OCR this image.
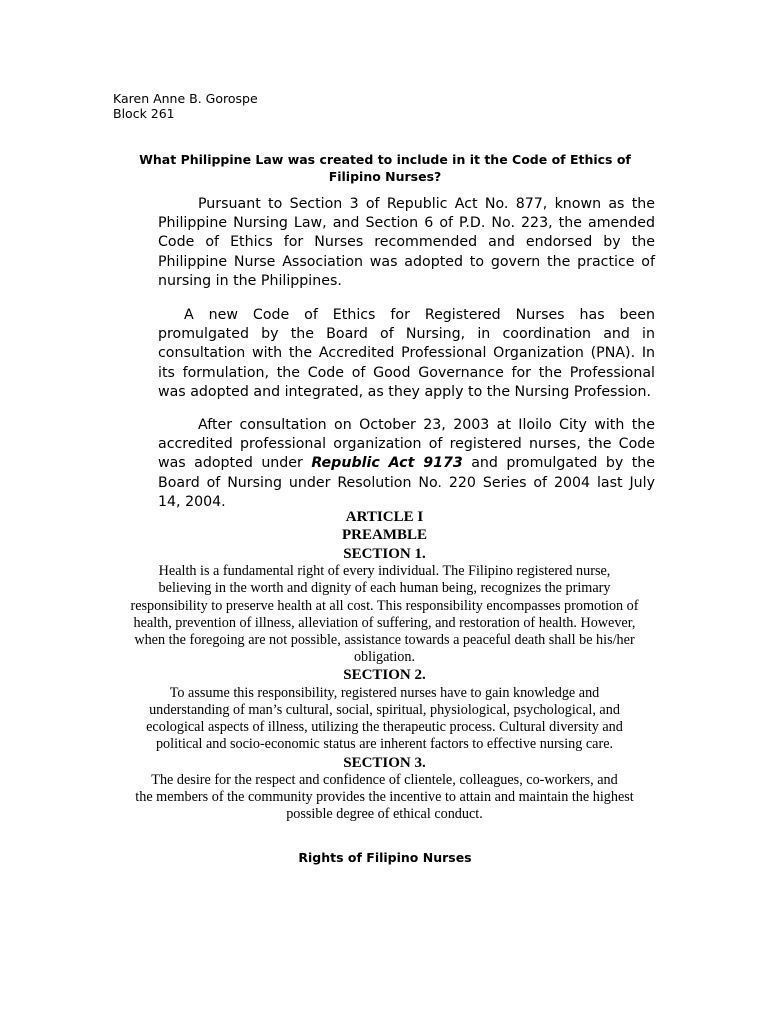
Karen Anne B. Gorospe
Block 261
What Philippine Law was created to include in it the Code of Ethics of Filipino Nurses?
Pursuant to Section 3 of Republic Act No. 877, known as the Philippine Nursing Law, and Section 6 of P.D. No. 223, the amended Code of Ethics for Nurses recommended and endorsed by the Philippine Nurse Association was adopted to govern the practice of nursing in the Philippines.
A new Code of Ethics for Registered Nurses has been promulgated by the Board of Nursing, in coordination and in consultation with the Accredited Professional Organization (PNA). In its formulation, the Code of Good Governance for the Professional was adopted and integrated, as they apply to the Nursing Profession.
After consultation on October 23, 2003 at Iloilo City with the accredited professional organization of registered nurses, the Code was adopted under Republic Act 9173 and promulgated by the Board of Nursing under Resolution No. 220 Series of 2004 last July 14, 2004.
ARTICLE I
PREAMBLE
SECTION 1.
Health is a fundamental right of every individual. The Filipino registered nurse,
believing in the worth and dignity of each human being, recognizes the primary
responsibility to preserve health at all cost. This responsibility encompasses promotion of
health, prevention of illness, alleviation of suffering, and restoration of health. However,
when the foregoing are not possible, assistance towards a peaceful death shall be his/her
obligation.
SECTION 2.
To assume this responsibility, registered nurses have to gain knowledge and
understanding of man’s cultural, social, spiritual, physiological, psychological, and
ecological aspects of illness, utilizing the therapeutic process. Cultural diversity and
political and socio-economic status are inherent factors to effective nursing care.
SECTION 3.
The desire for the respect and confidence of clientele, colleagues, co-workers, and
the members of the community provides the incentive to attain and maintain the highest
possible degree of ethical conduct.
Rights of Filipino Nurses
